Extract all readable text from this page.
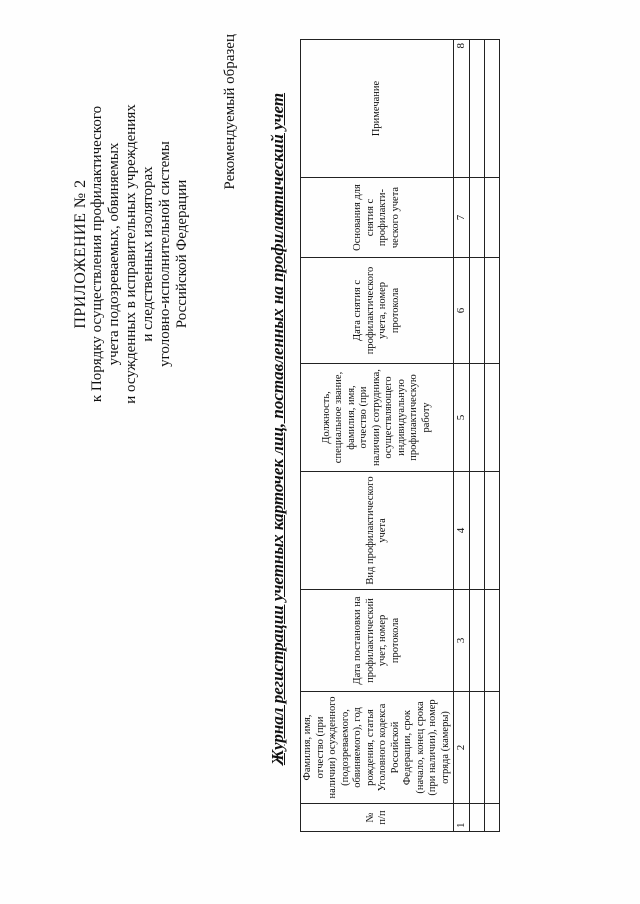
ПРИЛОЖЕНИЕ № 2 к Порядку осуществления профилактического учета подозреваемых, обвиняемых и осужденных в исправительных учреждениях и следственных изоляторах уголовно-исполнительной системы Российской Федерации
Рекомендуемый образец Журнал регистрации учетных карточек лиц, поставленных на профилактический учет
№ п/п	Фамилия, имя, отчество (при наличии) осужденного (подозреваемого, обвиняемого), год рождения, статья Уголовного кодекса Российской Федерации, срок (начало, конец срока (при наличии), номер отряда (камеры)	Дата постановки на профилактический учет, номер протокола	Вид профилактического учета	Должность, специальное звание, фамилия, имя, отчество (при наличии) сотрудника, осуществляющего индивидуальную профилактическую работу	Дата снятия с профилактического учета, номер протокола	Основания для снятия с профилакти-ческого учета	Примечание
1	2	3	4	5	6	7	8
